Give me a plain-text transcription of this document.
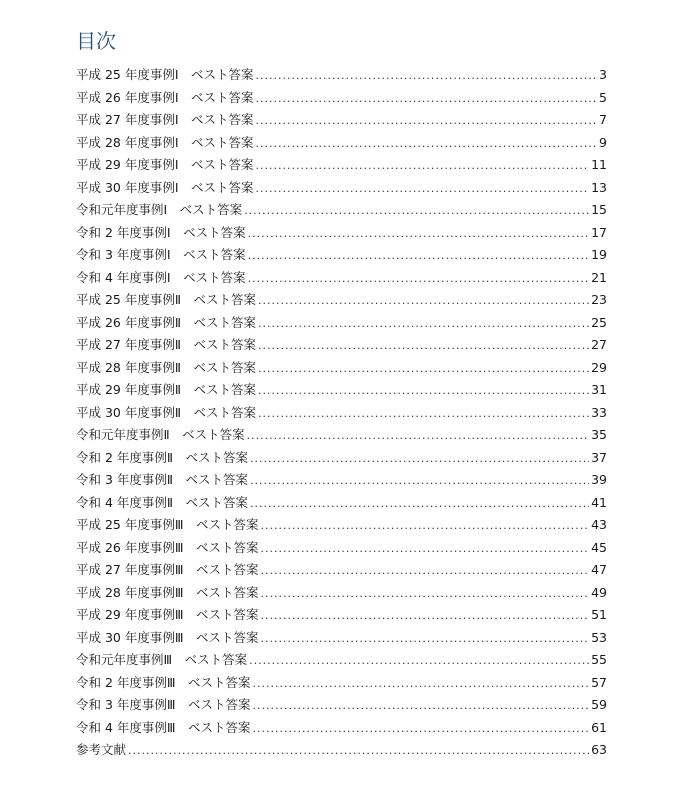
目次
平成 25 年度事例Ⅰ　ベスト答案 .....	3
平成 26 年度事例Ⅰ　ベスト答案 .....	5
平成 27 年度事例Ⅰ　ベスト答案 .....	7
平成 28 年度事例Ⅰ　ベスト答案 .....	9
平成 29 年度事例Ⅰ　ベスト答案 .....	11
平成 30 年度事例Ⅰ　ベスト答案 .....	13
令和元年度事例Ⅰ　ベスト答案 .....	15
令和 2 年度事例Ⅰ　ベスト答案 .....	17
令和 3 年度事例Ⅰ　ベスト答案 .....	19
令和 4 年度事例Ⅰ　ベスト答案 .....	21
平成 25 年度事例Ⅱ　ベスト答案 .....	23
平成 26 年度事例Ⅱ　ベスト答案 .....	25
平成 27 年度事例Ⅱ　ベスト答案 .....	27
平成 28 年度事例Ⅱ　ベスト答案 .....	29
平成 29 年度事例Ⅱ　ベスト答案 .....	31
平成 30 年度事例Ⅱ　ベスト答案 .....	33
令和元年度事例Ⅱ　ベスト答案 .....	35
令和 2 年度事例Ⅱ　ベスト答案 .....	37
令和 3 年度事例Ⅱ　ベスト答案 .....	39
令和 4 年度事例Ⅱ　ベスト答案 .....	41
平成 25 年度事例Ⅲ　ベスト答案 .....	43
平成 26 年度事例Ⅲ　ベスト答案 .....	45
平成 27 年度事例Ⅲ　ベスト答案 .....	47
平成 28 年度事例Ⅲ　ベスト答案 .....	49
平成 29 年度事例Ⅲ　ベスト答案 .....	51
平成 30 年度事例Ⅲ　ベスト答案 .....	53
令和元年度事例Ⅲ　ベスト答案 .....	55
令和 2 年度事例Ⅲ　ベスト答案 .....	57
令和 3 年度事例Ⅲ　ベスト答案 .....	59
令和 4 年度事例Ⅲ　ベスト答案 .....	61
参考文献 .....	63
